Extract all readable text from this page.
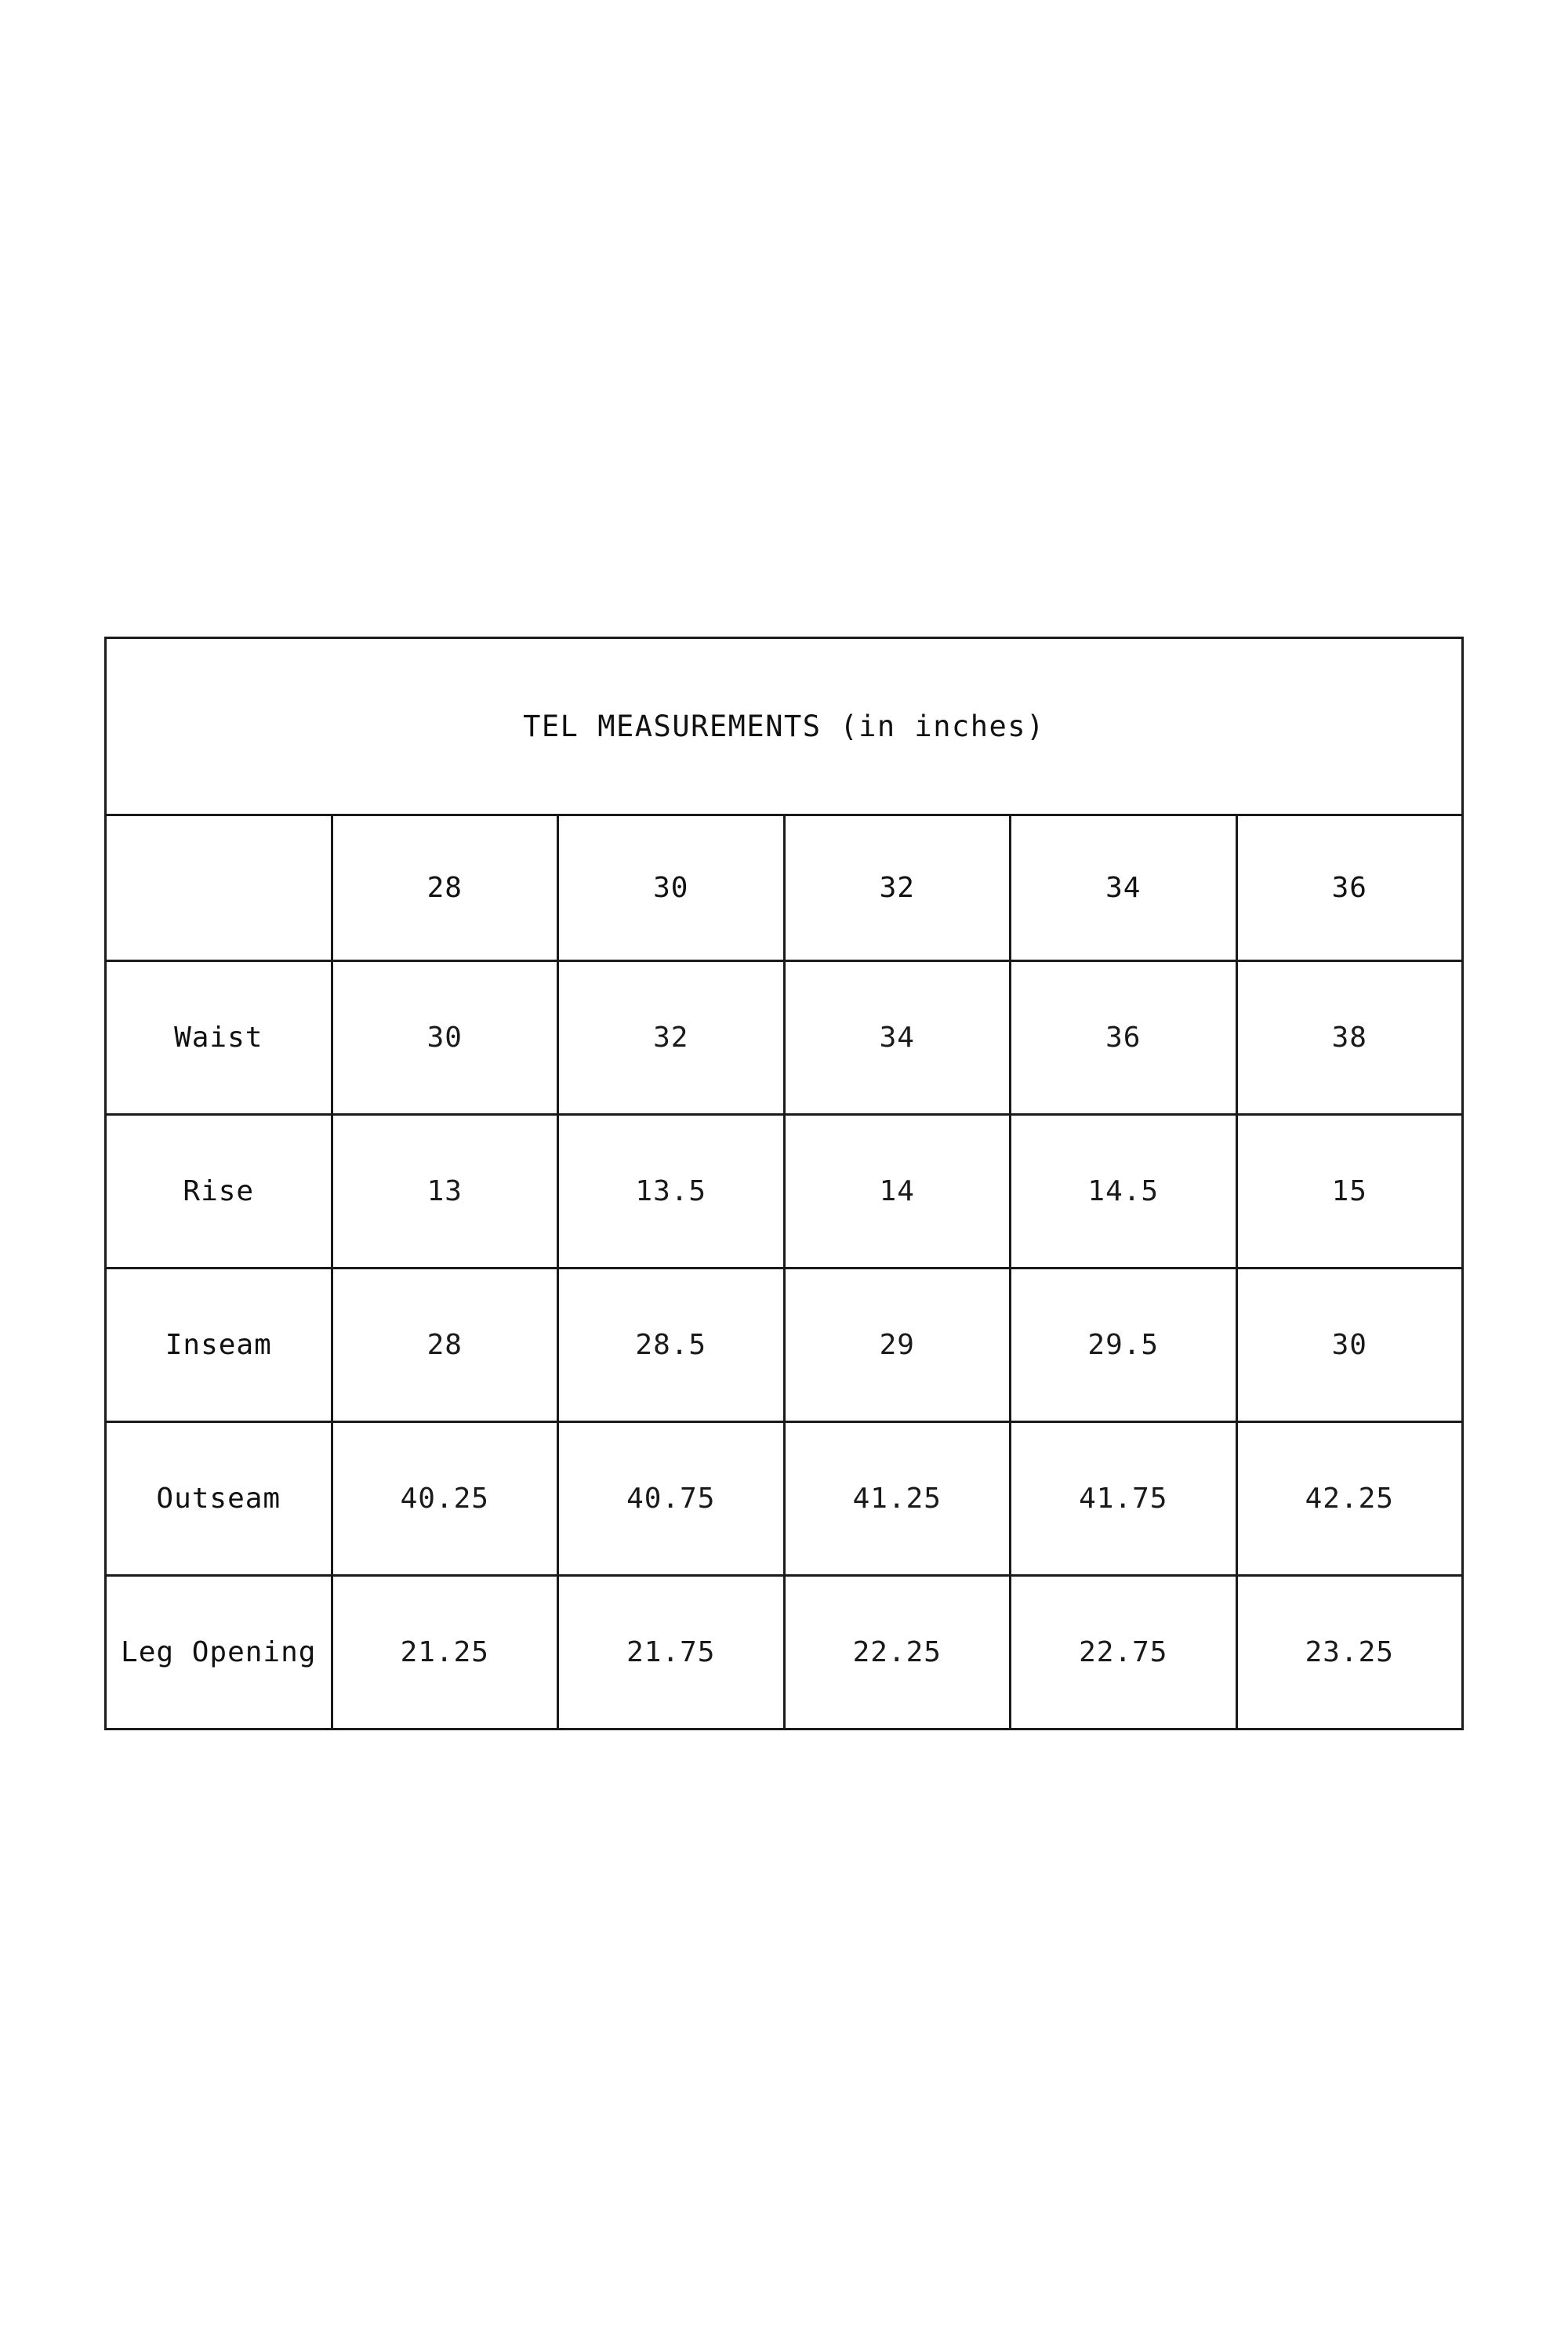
TEL MEASUREMENTS (in inches)					
	28	30	32	34	36
Waist	30	32	34	36	38
Rise	13	13.5	14	14.5	15
Inseam	28	28.5	29	29.5	30
Outseam	40.25	40.75	41.25	41.75	42.25
Leg Opening	21.25	21.75	22.25	22.75	23.25
